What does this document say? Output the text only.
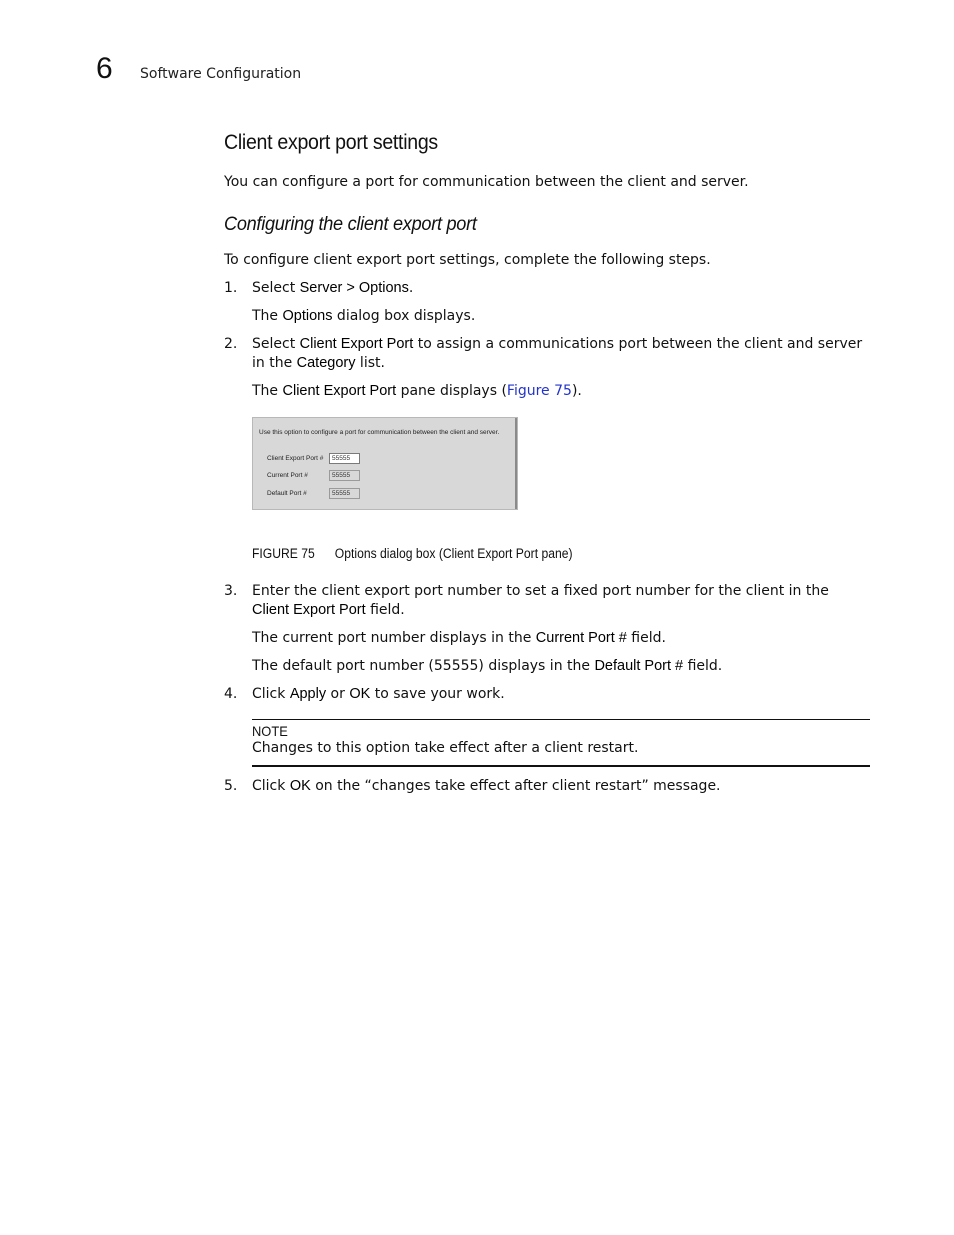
6 Software Configuration
Client export port settings

You can configure a port for communication between the client and server.

Configuring the client export port

To configure client export port settings, complete the following steps.

1. Select Server > Options.

The Options dialog box displays.

2. Select Client Export Port to assign a communications port between the client and server in the Category list.

The Client Export Port pane displays (Figure 75).

Use this option to configure a port for communication between the client and server.
Client Export Port #	55555
Current Port #	55555
Default Port #	55555
FIGURE 75 Options dialog box (Client Export Port pane)
3. Enter the client export port number to set a fixed port number for the client in the Client Export Port field.

The current port number displays in the Current Port # field.

The default port number (55555) displays in the Default Port # field.

4. Click Apply or OK to save your work.

NOTE

Changes to this option take effect after a client restart.

5. Click OK on the “changes take effect after client restart” message.
